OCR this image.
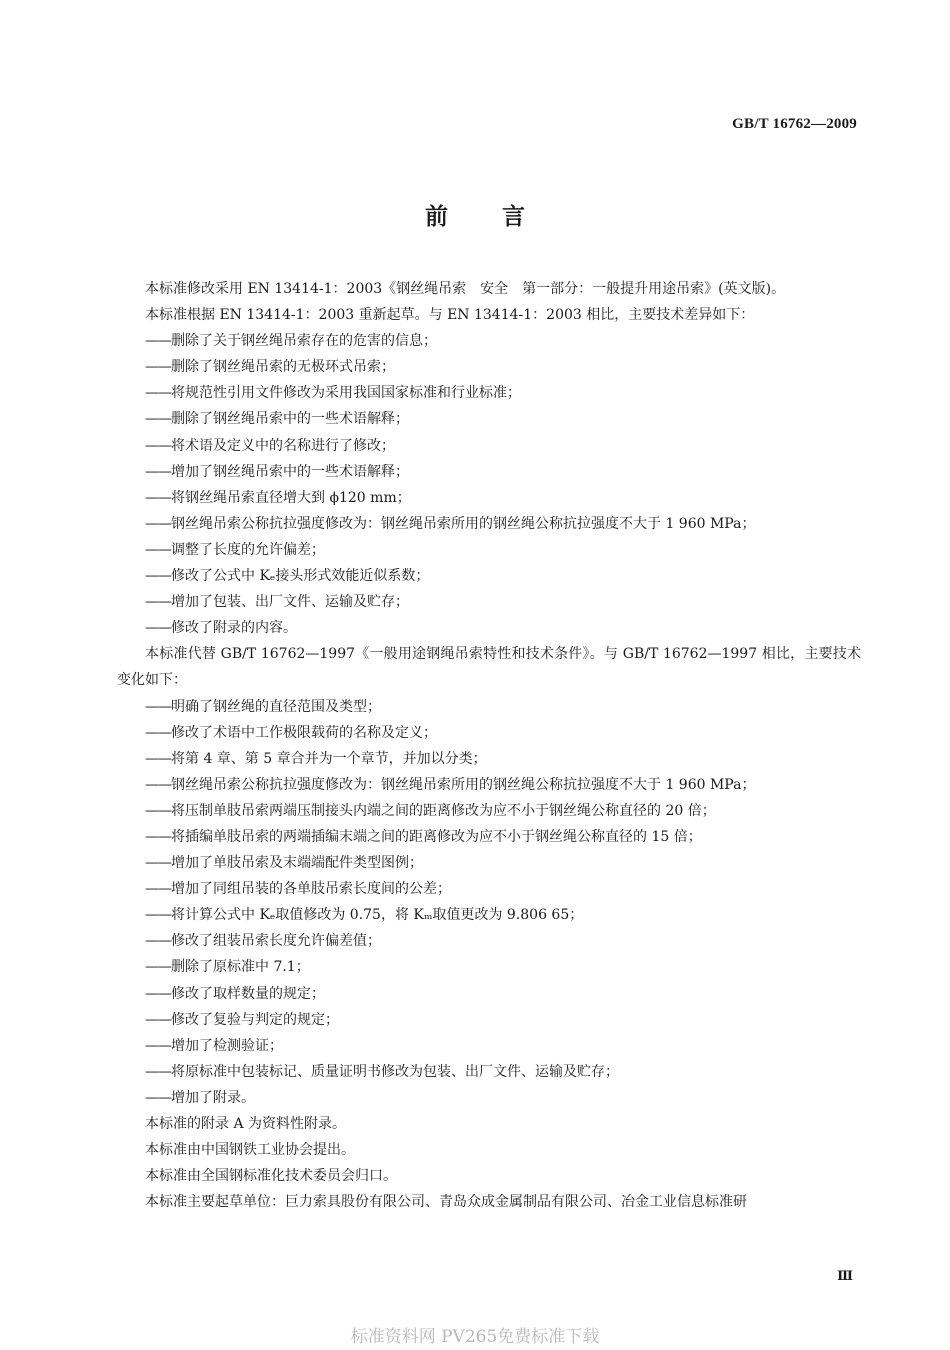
GB/T 16762—2009
前 言

本标准修改采用 EN 13414-1：2003《钢丝绳吊索　安全　第一部分：一般提升用途吊索》(英文版)。

本标准根据 EN 13414-1：2003 重新起草。与 EN 13414-1：2003 相比，主要技术差异如下：

——删除了关于钢丝绳吊索存在的危害的信息；

——删除了钢丝绳吊索的无极环式吊索；

——将规范性引用文件修改为采用我国国家标准和行业标准；

——删除了钢丝绳吊索中的一些术语解释；

——将术语及定义中的名称进行了修改；

——增加了钢丝绳吊索中的一些术语解释；

——将钢丝绳吊索直径增大到 ϕ120 mm；

——钢丝绳吊索公称抗拉强度修改为：钢丝绳吊索所用的钢丝绳公称抗拉强度不大于 1 960 MPa；

——调整了长度的允许偏差；

——修改了公式中 Kₑ接头形式效能近似系数；

——增加了包装、出厂文件、运输及贮存；

——修改了附录的内容。

本标准代替 GB/T 16762—1997《一般用途钢绳吊索特性和技术条件》。与 GB/T 16762—1997 相比，主要技术变化如下：

——明确了钢丝绳的直径范围及类型；

——修改了术语中工作极限载荷的名称及定义；

——将第 4 章、第 5 章合并为一个章节，并加以分类；

——钢丝绳吊索公称抗拉强度修改为：钢丝绳吊索所用的钢丝绳公称抗拉强度不大于 1 960 MPa；

——将压制单肢吊索两端压制接头内端之间的距离修改为应不小于钢丝绳公称直径的 20 倍；

——将插编单肢吊索的两端插编末端之间的距离修改为应不小于钢丝绳公称直径的 15 倍；

——增加了单肢吊索及末端端配件类型图例；

——增加了同组吊装的各单肢吊索长度间的公差；

——将计算公式中 Kₑ取值修改为 0.75，将 Kₘ取值更改为 9.806 65；

——修改了组装吊索长度允许偏差值；

——删除了原标准中 7.1；

——修改了取样数量的规定；

——修改了复验与判定的规定；

——增加了检测验证；

——将原标准中包装标记、质量证明书修改为包装、出厂文件、运输及贮存；

——增加了附录。

本标准的附录 A 为资料性附录。

本标准由中国钢铁工业协会提出。

本标准由全国钢标准化技术委员会归口。

本标准主要起草单位：巨力索具股份有限公司、青岛众成金属制品有限公司、冶金工业信息标准研

Ⅲ
标准资料网 PV265免费标准下载
